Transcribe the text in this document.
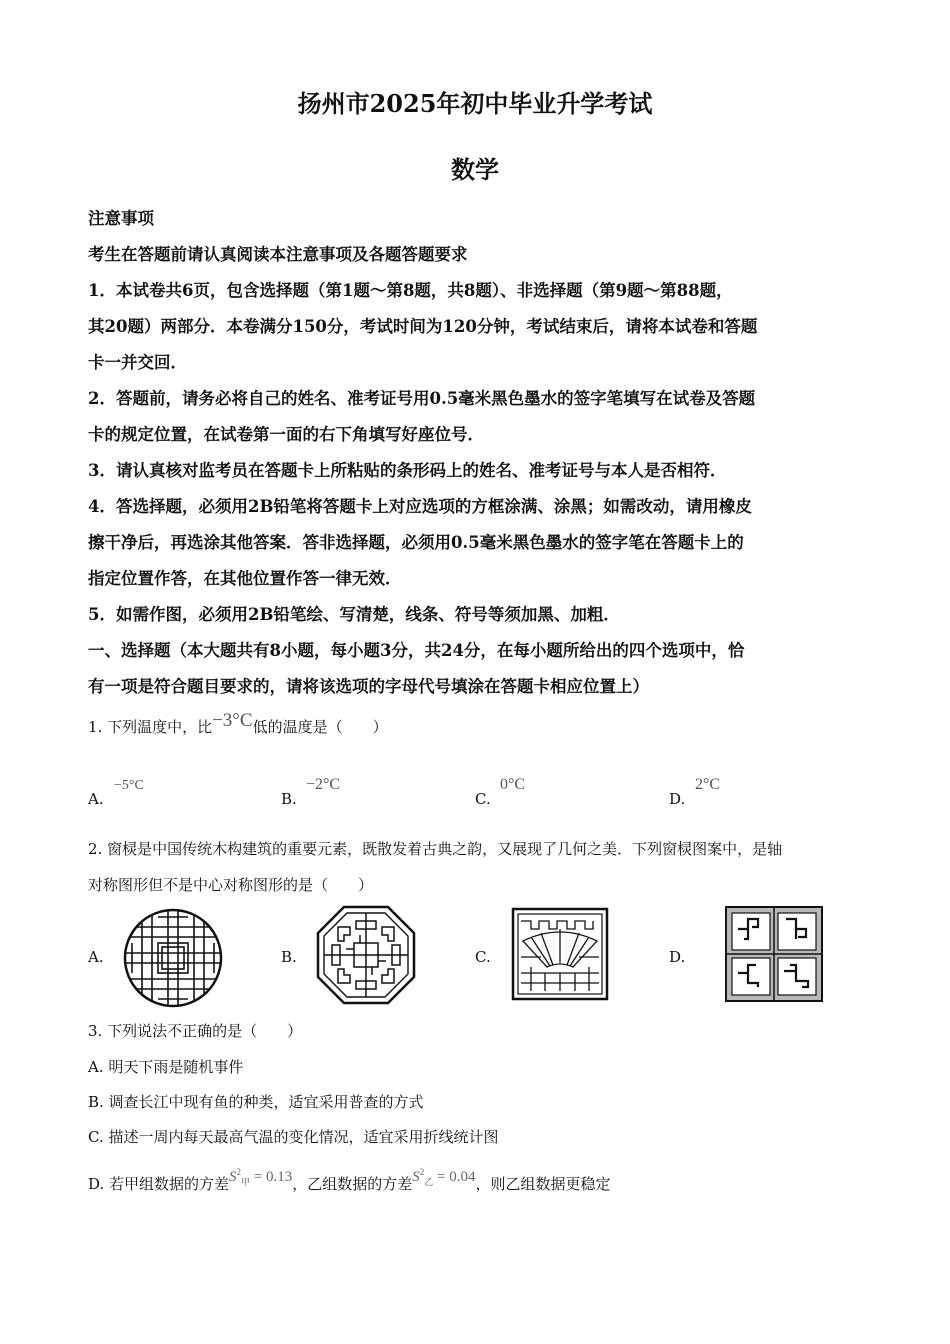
扬州市2025年初中毕业升学考试
数学
注意事项
考生在答题前请认真阅读本注意事项及各题答题要求
1．本试卷共6页，包含选择题（第1题～第8题，共8题）、非选择题（第9题～第88题，
其20题）两部分．本卷满分150分，考试时间为120分钟，考试结束后，请将本试卷和答题
卡一并交回．
2．答题前，请务必将自己的姓名、准考证号用0.5毫米黑色墨水的签字笔填写在试卷及答题
卡的规定位置，在试卷第一面的右下角填写好座位号．
3．请认真核对监考员在答题卡上所粘贴的条形码上的姓名、准考证号与本人是否相符．
4．答选择题，必须用2B铅笔将答题卡上对应选项的方框涂满、涂黑；如需改动，请用橡皮
擦干净后，再选涂其他答案．答非选择题，必须用0.5毫米黑色墨水的签字笔在答题卡上的
指定位置作答，在其他位置作答一律无效．
5．如需作图，必须用2B铅笔绘、写清楚，线条、符号等须加黑、加粗．
一、选择题（本大题共有8小题，每小题3分，共24分，在每小题所给出的四个选项中，恰
有一项是符合题目要求的，请将该选项的字母代号填涂在答题卡相应位置上）
1. 下列温度中，比−3°C低的温度是（　　）
A.
−5°C
B.
−2°C
C.
0°C
D.
2°C
2. 窗棂是中国传统木构建筑的重要元素，既散发着古典之韵，又展现了几何之美．下列窗棂图案中，是轴
对称图形但不是中心对称图形的是（　　）
A.	B.	C.	D.
3. 下列说法不正确的是（　　）
A. 明天下雨是随机事件
B. 调查长江中现有鱼的种类，适宜采用普查的方式
C. 描述一周内每天最高气温的变化情况，适宜采用折线统计图
D. 若甲组数据的方差$S^2_甲 = 0.13$，乙组数据的方差$S^2_乙 = 0.04$，则乙组数据更稳定
